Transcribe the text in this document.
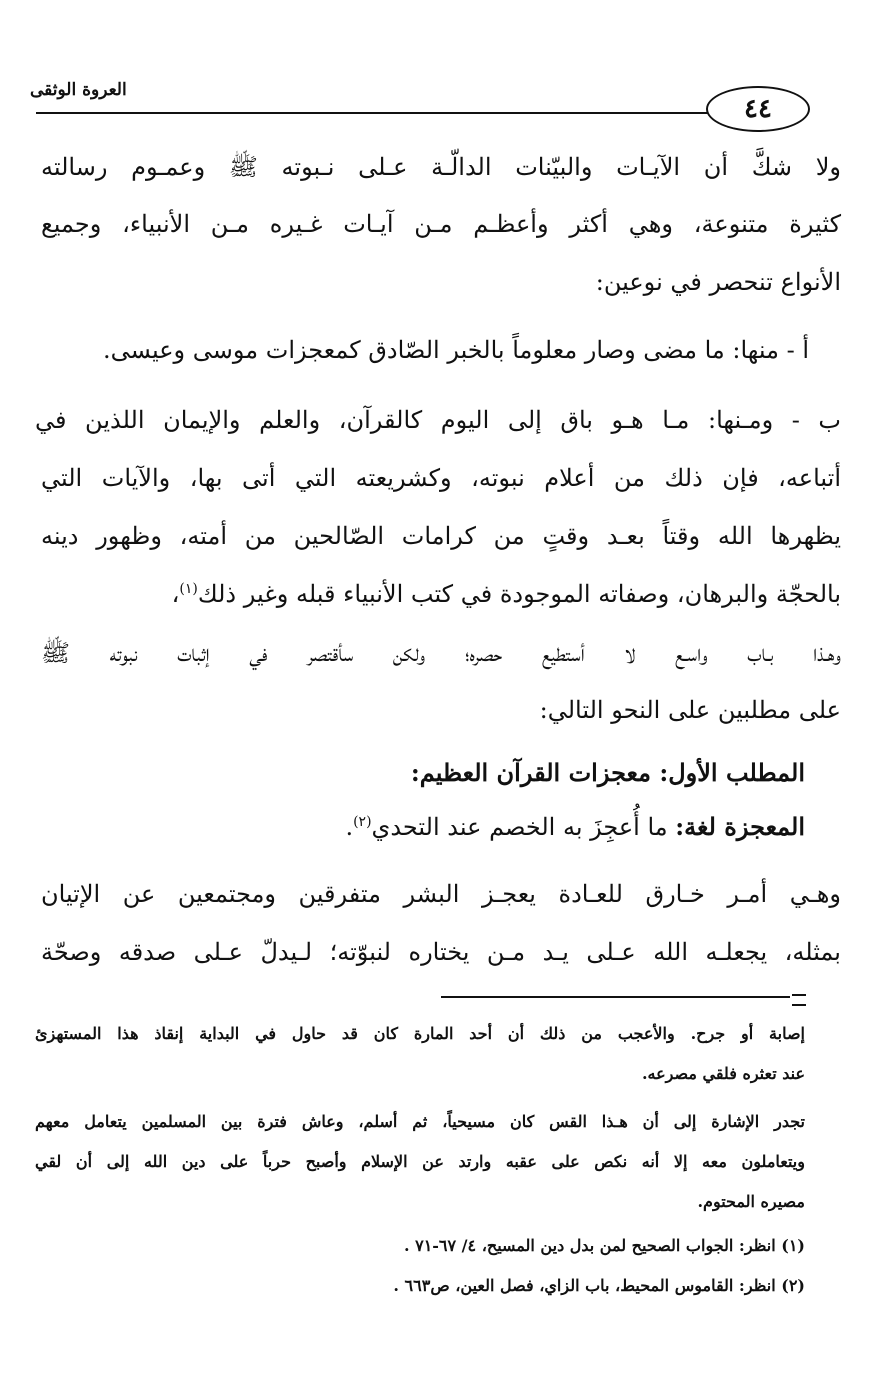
٤٤
العروة الوثقى
ولا شكَّ أن الآيـات والبيّنات الدالّـة عـلى نـبوته ﷺ وعمـوم رسالته
كثيرة متنوعة، وهي أكثر وأعظـم مـن آيـات غـيره مـن الأنبياء، وجميع
الأنواع تنحصر في نوعين:
أ - منها: ما مضى وصار معلوماً بالخبر الصّادق كمعجزات موسى وعيسى.
ب - ومـنها: مـا هـو باق إلى اليوم كالقرآن، والعلم والإيمان اللذين في
أتباعه، فإن ذلك من أعلام نبوته، وكشريعته التي أتى بها، والآيات التي
يظهرها الله وقتاً بعـد وقتٍ من كرامات الصّالحين من أمته، وظهور دينه
بالحجّة والبرهان، وصفاته الموجودة في كتب الأنبياء قبله وغير ذلك$^{(١)}$،
وهـذا بـاب واسـع لا أستطيع حصره؛ ولكن سأقتصر في إثبات نبوته ﷺ
على مطلبين على النحو التالي:
المطلب الأول: معجزات القرآن العظيم:
المعجزة لغة: ما أُعجِزَ به الخصم عند التحدي$^{(٢)}$.
وهـي أمـر خـارق للعـادة يعجـز البشر متفرقين ومجتمعين عن الإتيان
بمثله، يجعلـه الله عـلى يـد مـن يختاره لنبوّته؛ لـيدلّ عـلى صدقه وصحّة
إصابة أو جرح. والأعجب من ذلك أن أحد المارة كان قد حاول في البداية إنقاذ هذا المستهزئ
عند تعثره فلقي مصرعه.
تجدر الإشارة إلى أن هـذا القس كان مسيحياً، ثم أسلم، وعاش فترة بين المسلمين يتعامل معهم
ويتعاملون معه إلا أنه نكص على عقبه وارتد عن الإسلام وأصبح حرباً على دين الله إلى أن لقي
مصيره المحتوم.
(١) انظر: الجواب الصحيح لمن بدل دين المسيح، ٤/ ٦٧-٧١ .
(٢) انظر: القاموس المحيط، باب الزاي، فصل العين، ص٦٦٣ .
